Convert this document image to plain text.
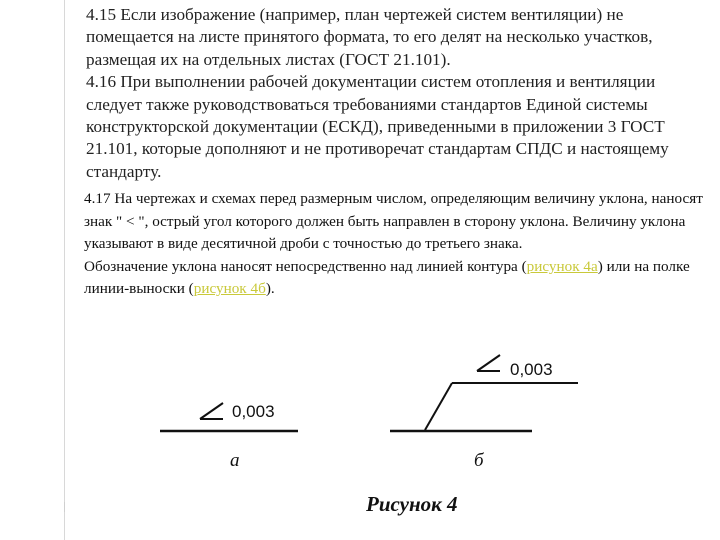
4.15 Если изображение (например, план чертежей систем вентиляции) не помещается на листе принятого формата, то его делят на несколько участков, размещая их на отдельных листах (ГОСТ 21.101).

4.16 При выполнении рабочей документации систем отопления и вентиляции следует также руководствоваться требованиями стандартов Единой системы конструкторской документации (ЕСКД), приведенными в приложении 3 ГОСТ 21.101, которые дополняют и не противоречат стандартам СПДС и настоящему стандарту.

4.17 На чертежах и схемах перед размерным числом, определяющим величину уклона, наносят знак " < ", острый угол которого должен быть направлен в сторону уклона. Величину уклона указывают в виде десятичной дроби с точностью до третьего знака.

Обозначение уклона наносят непосредственно над линией контура (рисунок 4а) или на полке линии-выноски (рисунок 4б).

0,003
0,003
а	б
Рисунок 4
